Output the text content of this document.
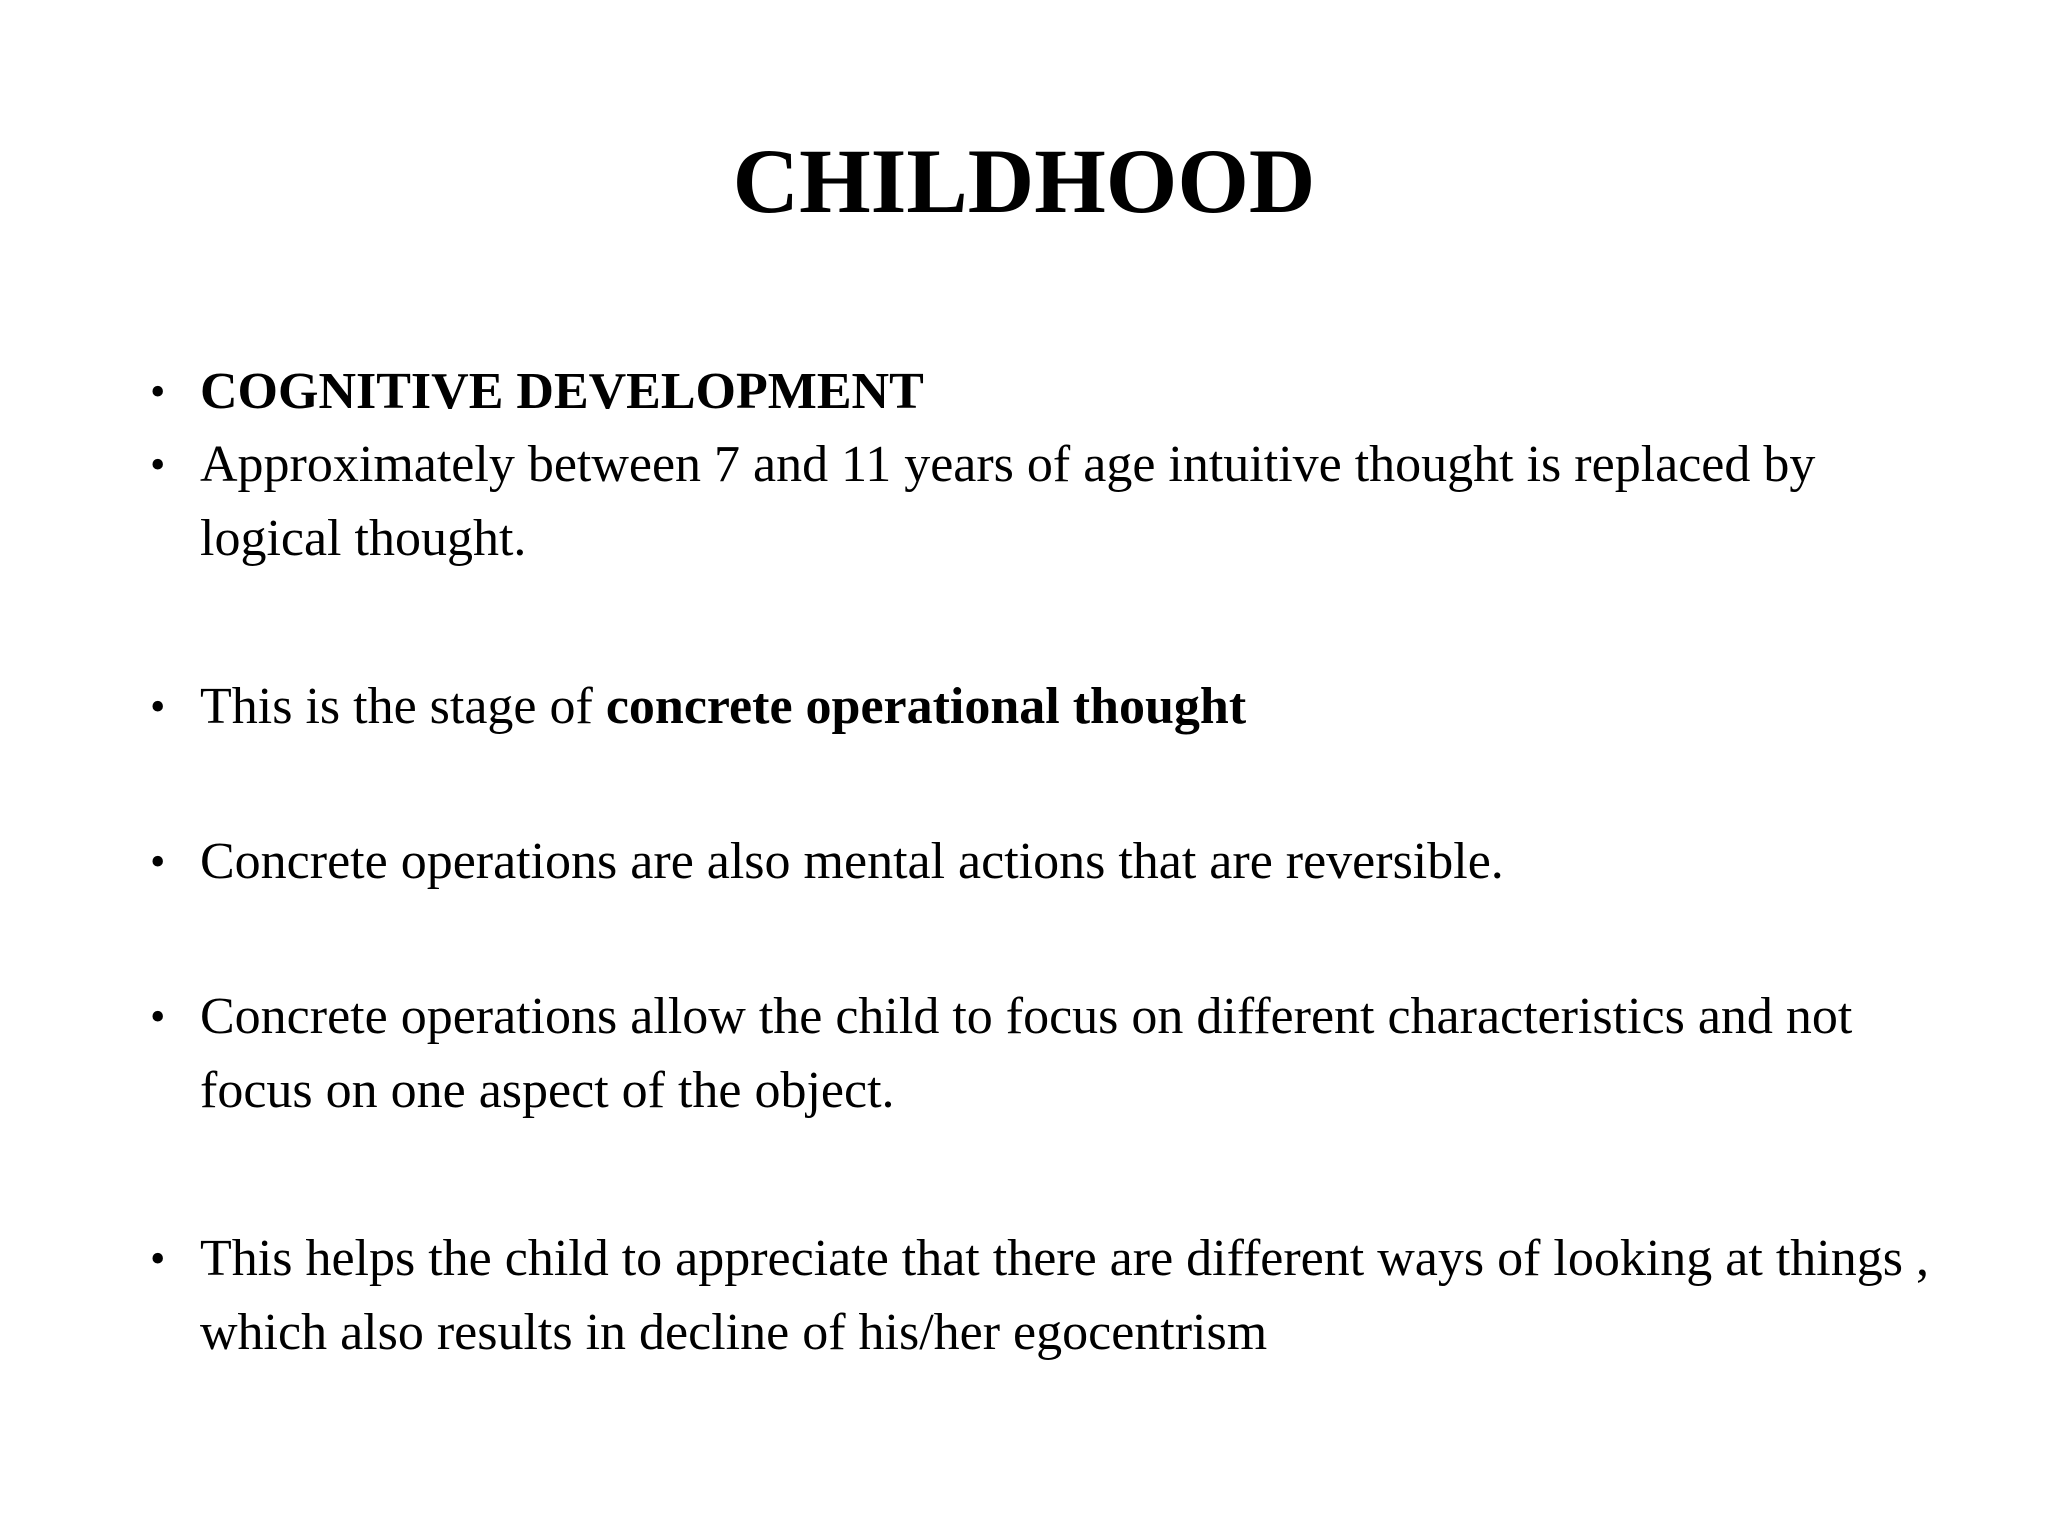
CHILDHOOD
• COGNITIVE DEVELOPMENT
• Approximately between 7 and 11 years of age intuitive thought is replaced by logical thought.
• This is the stage of concrete operational thought
• Concrete operations are also mental actions that are reversible.
• Concrete operations allow the child to focus on different characteristics and not focus on one aspect of the object.
• This helps the child to appreciate that there are different ways of looking at things , which also results in decline of his/her egocentrism
